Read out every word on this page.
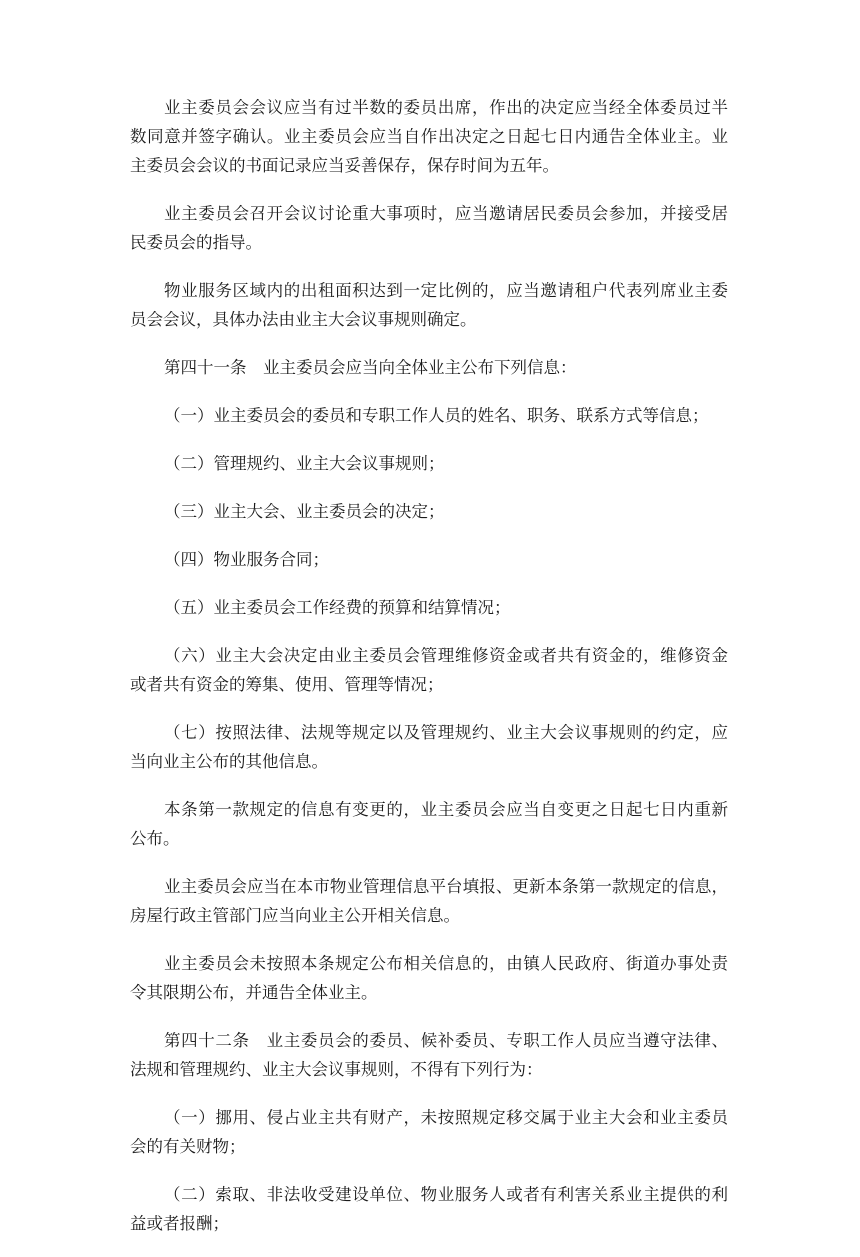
业主委员会会议应当有过半数的委员出席，作出的决定应当经全体委员过半
数同意并签字确认。业主委员会应当自作出决定之日起七日内通告全体业主。业
主委员会会议的书面记录应当妥善保存，保存时间为五年。

业主委员会召开会议讨论重大事项时，应当邀请居民委员会参加，并接受居
民委员会的指导。

物业服务区域内的出租面积达到一定比例的，应当邀请租户代表列席业主委
员会会议，具体办法由业主大会议事规则确定。

第四十一条　业主委员会应当向全体业主公布下列信息：

（一）业主委员会的委员和专职工作人员的姓名、职务、联系方式等信息；

（二）管理规约、业主大会议事规则；

（三）业主大会、业主委员会的决定；

（四）物业服务合同；

（五）业主委员会工作经费的预算和结算情况；

（六）业主大会决定由业主委员会管理维修资金或者共有资金的，维修资金
或者共有资金的筹集、使用、管理等情况；

（七）按照法律、法规等规定以及管理规约、业主大会议事规则的约定，应
当向业主公布的其他信息。

本条第一款规定的信息有变更的，业主委员会应当自变更之日起七日内重新
公布。

业主委员会应当在本市物业管理信息平台填报、更新本条第一款规定的信息，
房屋行政主管部门应当向业主公开相关信息。

业主委员会未按照本条规定公布相关信息的，由镇人民政府、街道办事处责
令其限期公布，并通告全体业主。

第四十二条　业主委员会的委员、候补委员、专职工作人员应当遵守法律、
法规和管理规约、业主大会议事规则，不得有下列行为：

（一）挪用、侵占业主共有财产，未按照规定移交属于业主大会和业主委员
会的有关财物；

（二）索取、非法收受建设单位、物业服务人或者有利害关系业主提供的利
益或者报酬；
